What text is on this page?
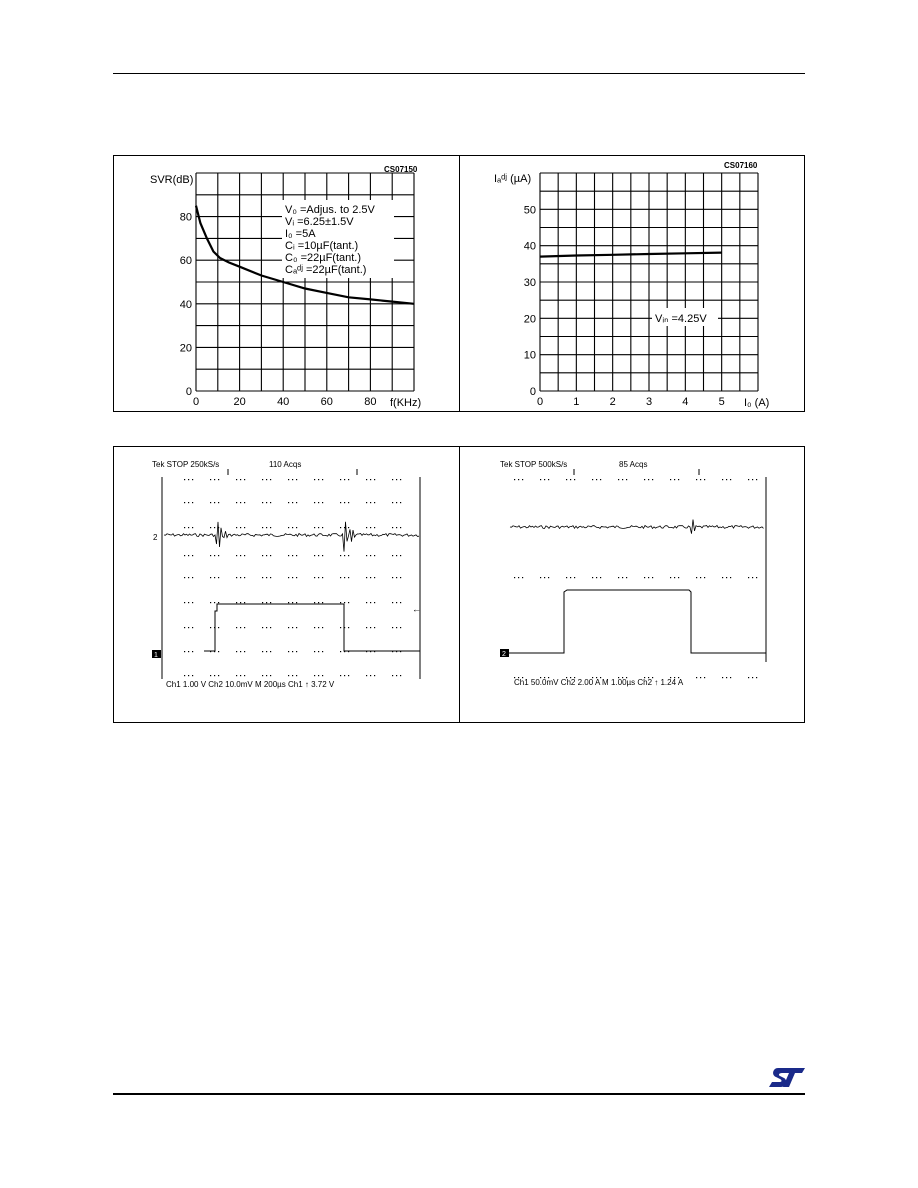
CS07150
SVR(dB)
f(KHz)
0	20	40	60	80
0
20
40
60
80
V₀ =Adjus. to 2.5V
Vᵢ =6.25±1.5V
I₀ =5A
Cᵢ =10µF(tant.)
C₀ =22µF(tant.)
Cₐᵈʲ =22µF(tant.)
CS07160
Iₐᵈʲ (µA)
I₀ (A)
0	1	2	3	4	5
0
10
20
30
40
50
Vᵢₙ =4.25V
Tek STOP 250kS/s	110 Acqs
2
1
←
Ch1 1.00 V Ch2 10.0mV M 200µs Ch1 ↑ 3.72 V
Tek STOP 500kS/s	85 Acqs
2
Ch1 50.0mV Ch2 2.00 A M 1.00µs Ch2 ↑ 1.24 A
